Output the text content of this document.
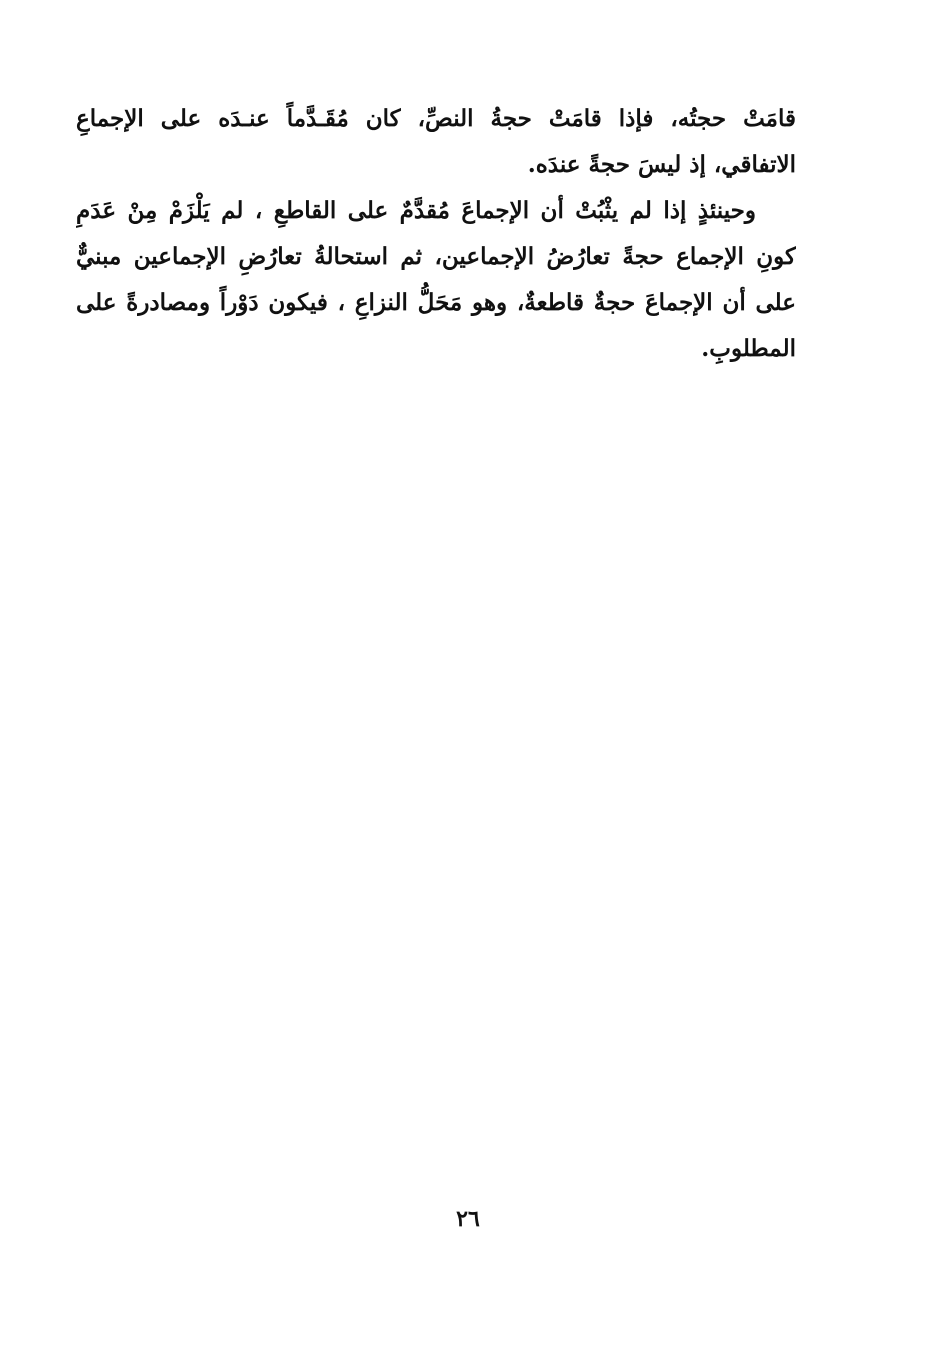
قامَتْ حجتُه، فإذا قامَتْ حجةُ النصِّ، كان مُقَـدَّماً عنـدَه على الإجماعِ
الاتفاقي، إذ ليسَ حجةً عندَه.
وحينئذٍ إذا لم يثْبُتْ أن الإجماعَ مُقدَّمٌ على القاطعِ ، لم يَلْزَمْ مِنْ عَدَمِ
كونِ الإجماع حجةً تعارُضُ الإجماعين، ثم استحالةُ تعارُضِ الإجماعين مبنيٌّ
على أن الإجماعَ حجةٌ قاطعةٌ، وهو مَحَلُّ النزاعِ ، فيكون دَوْراً ومصادرةً على
المطلوبِ.
٢٦
